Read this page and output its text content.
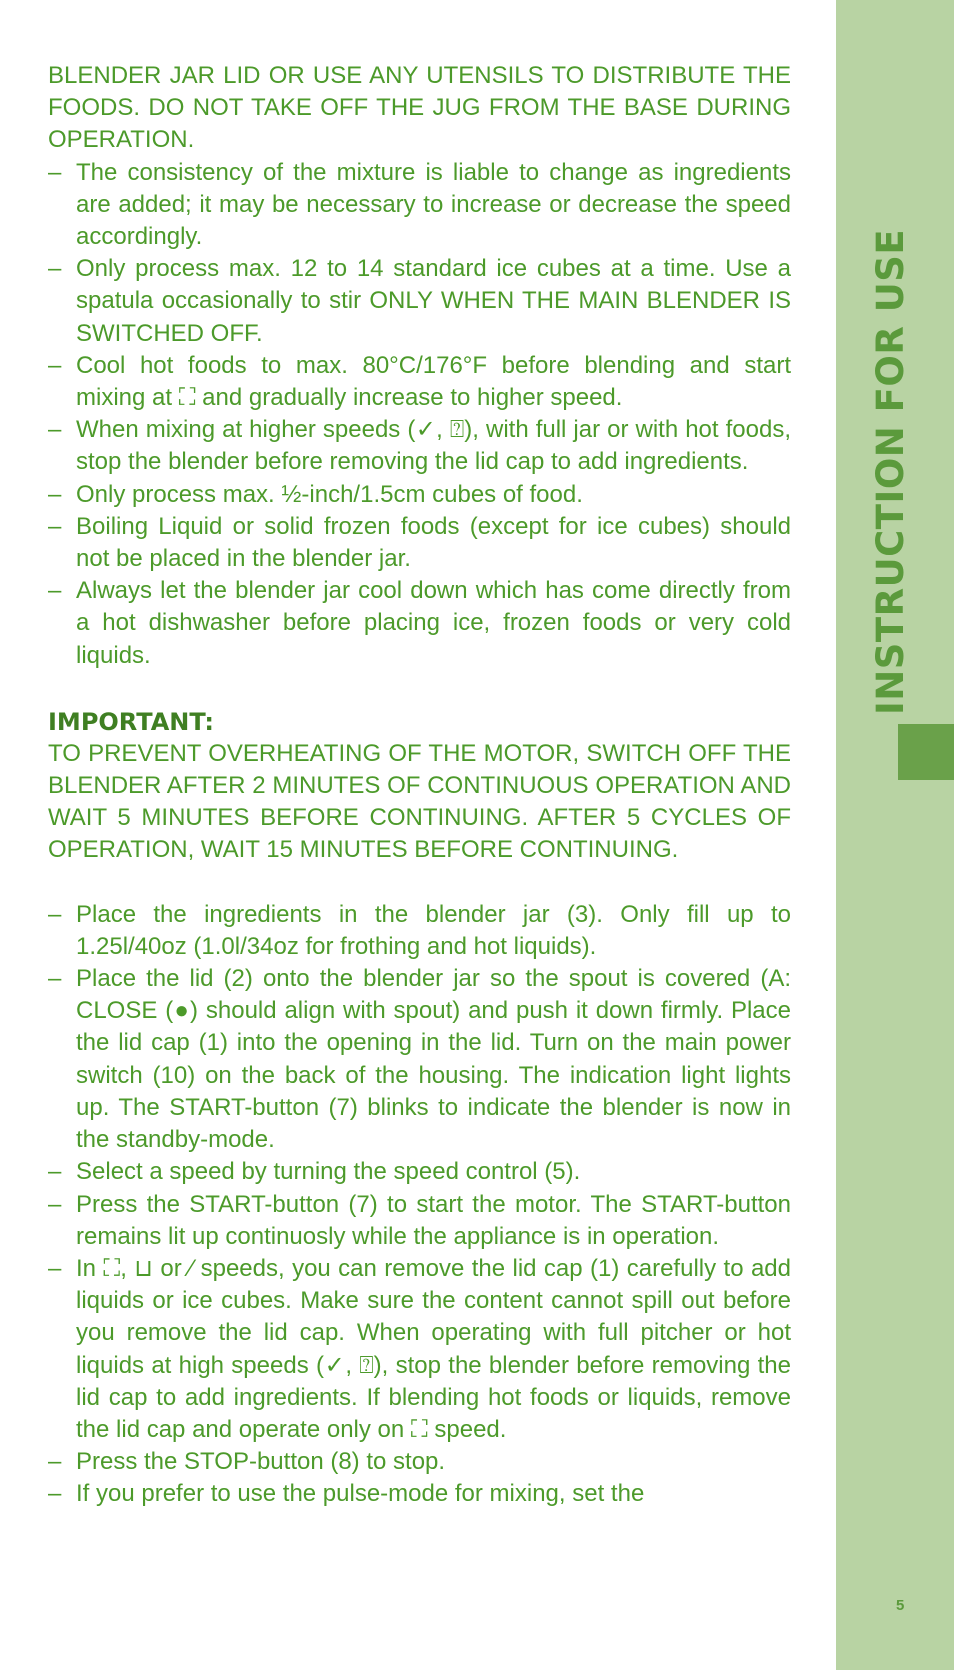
INSTRUCTION FOR USE
5
BLENDER JAR LID OR USE ANY UTENSILS TO DISTRIBUTE THE FOODS. DO NOT TAKE OFF THE JUG FROM THE BASE DURING OPERATION.
– The consistency of the mixture is liable to change as ingredients are added; it may be necessary to increase or decrease the speed accordingly.
– Only process max. 12 to 14 standard ice cubes at a time. Use a spatula occasionally to stir ONLY WHEN THE MAIN BLENDER IS SWITCHED OFF.
– Cool hot foods to max. 80°C/176°F before blending and start mixing at ⛶ and gradually increase to higher speed.
– When mixing at higher speeds (✓, ⍰), with full jar or with hot foods, stop the blender before removing the lid cap to add ingredients.
– Only process max. ½-inch/1.5cm cubes of food.
– Boiling Liquid or solid frozen foods (except for ice cubes) should not be placed in the blender jar.
– Always let the blender jar cool down which has come directly from a hot dishwasher before placing ice, frozen foods or very cold liquids.
IMPORTANT:
TO PREVENT OVERHEATING OF THE MOTOR, SWITCH OFF THE BLENDER AFTER 2 MINUTES OF CONTINUOUS OPERATION AND WAIT 5 MINUTES BEFORE CONTINUING. AFTER 5 CYCLES OF OPERATION, WAIT 15 MINUTES BEFORE CONTINUING.
– Place the ingredients in the blender jar (3). Only fill up to 1.25l/40oz (1.0l/34oz for frothing and hot liquids).
– Place the lid (2) onto the blender jar so the spout is covered (A: CLOSE (●) should align with spout) and push it down firmly. Place the lid cap (1) into the opening in the lid. Turn on the main power switch (10) on the back of the housing. The indication light lights up. The START-button (7) blinks to indicate the blender is now in the standby-mode.
– Select a speed by turning the speed control (5).
– Press the START-button (7) to start the motor. The START-button remains lit up continuosly while the appliance is in operation.
– In ⛶, ⊔ or ⁄ speeds, you can remove the lid cap (1) carefully to add liquids or ice cubes. Make sure the content cannot spill out before you remove the lid cap. When operating with full pitcher or hot liquids at high speeds (✓, ⍰), stop the blender before removing the lid cap to add ingredients. If blending hot foods or liquids, remove the lid cap and operate only on ⛶ speed.
– Press the STOP-button (8) to stop.
– If you prefer to use the pulse-mode for mixing, set the
